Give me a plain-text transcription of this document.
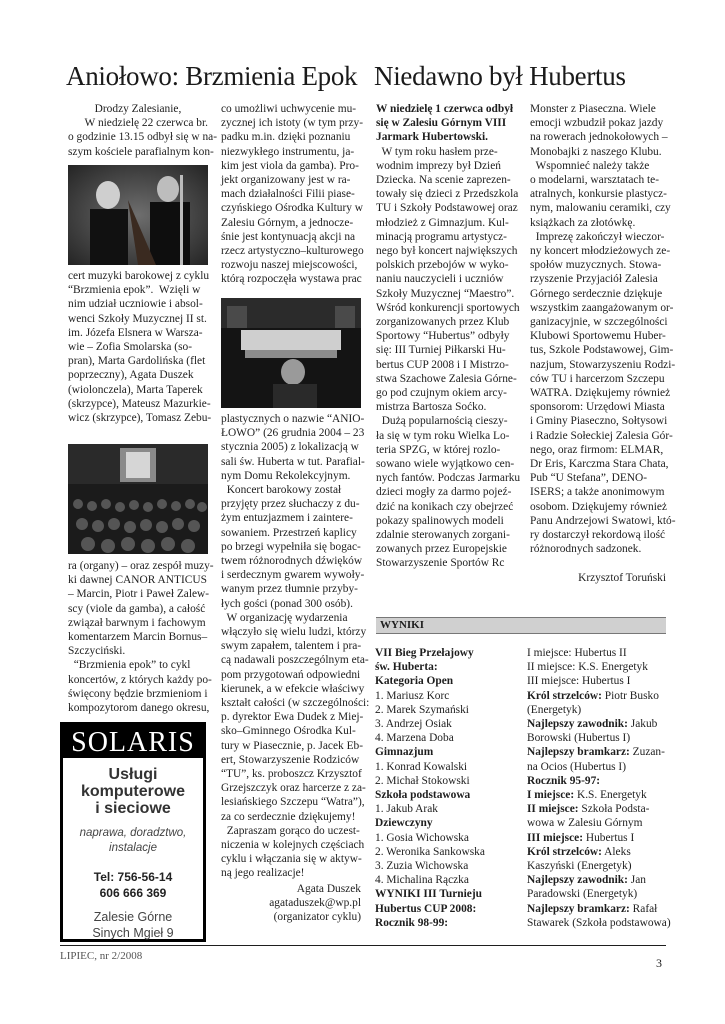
Aniołowo: Brzmienia Epok Niedawno był Hubertus
Drodzy Zalesianie,
W niedzielę 22 czerwca br.
o godzinie 13.15 odbył się w na-
szym kościele parafialnym kon-
cert muzyki barokowej z cyklu
“Brzmienia epok”.  Wzięli w
nim udział uczniowie i absol-
wenci Szkoły Muzycznej II st.
im. Józefa Elsnera w Warsza-
wie – Zofia Smolarska (so-
pran), Marta Gardolińska (flet
poprzeczny), Agata Duszek
(wiolonczela), Marta Taperek
(skrzypce), Mateusz Mazurkie-
wicz (skrzypce), Tomasz Zebu-
ra (organy) – oraz zespół muzy-
ki dawnej CANOR ANTICUS
– Marcin, Piotr i Paweł Zalew-
scy (viole da gamba), a całość
związał barwnym i fachowym
komentarzem Marcin Bornus–
Szczyciński.
“Brzmienia epok” to cykl
koncertów, z których każdy po-
święcony będzie brzmieniom i
kompozytorom danego okresu,
SOLARIS
Usługi
komputerowe
i sieciowe
naprawa, doradztwo,
instalacje
Tel: 756-56-14
606 666 369
Zalesie Górne
Sinych Mgieł 9
co umożliwi uchwycenie mu-
zycznej ich istoty (w tym przy-
padku m.in. dzięki poznaniu
niezwykłego instrumentu, ja-
kim jest viola da gamba). Pro-
jekt organizowany jest w ra-
mach działalności Filii piase-
czyńskiego Ośrodka Kultury w
Zalesiu Górnym, a jednocze-
śnie jest kontynuacją akcji na
rzecz artystyczno–kulturowego
rozwoju naszej miejscowości,
którą rozpoczęła wystawa prac
plastycznych o nazwie “ANIO-
ŁOWO” (26 grudnia 2004 – 23
stycznia 2005) z lokalizacją w
sali św. Huberta w tut. Parafial-
nym Domu Rekolekcyjnym.
Koncert barokowy został
przyjęty przez słuchaczy z du-
żym entuzjazmem i zaintere-
sowaniem. Przestrzeń kaplicy
po brzegi wypełniła się bogac-
twem różnorodnych dźwięków
i serdecznym gwarem wywoły-
wanym przez tłumnie przyby-
łych gości (ponad 300 osób).
W organizację wydarzenia
włączyło się wielu ludzi, którzy
swym zapałem, talentem i pra-
cą nadawali poszczególnym eta-
pom przygotowań odpowiedni
kierunek, a w efekcie właściwy
kształt całości (w szczególności:
p. dyrektor Ewa Dudek z Miej-
sko–Gminnego Ośrodka Kul-
tury w Piasecznie, p. Jacek Eb-
ert, Stowarzyszenie Rodziców
“TU”, ks. proboszcz Krzysztof
Grzejszczyk oraz harcerze z za-
lesiańskiego Szczepu “Watra”),
za co serdecznie dziękujemy!
Zapraszam gorąco do uczest-
niczenia w kolejnych częściach
cyklu i włączania się w aktyw-
ną jego realizacje!
Agata Duszek
agataduszek@wp.pl
(organizator cyklu)
W niedzielę 1 czerwca odbył
się w Zalesiu Górnym VIII
Jarmark Hubertowski.
W tym roku hasłem prze-
wodnim imprezy był Dzień
Dziecka. Na scenie zaprezen-
towały się dzieci z Przedszkola
TU i Szkoły Podstawowej oraz
młodzież z Gimnazjum. Kul-
minacją programu artystycz-
nego był koncert największych
polskich przebojów w wyko-
naniu nauczycieli i uczniów
Szkoły Muzycznej “Maestro”.
Wśród konkurencji sportowych
zorganizowanych przez Klub
Sportowy “Hubertus” odbyły
się: III Turniej Piłkarski Hu-
bertus CUP 2008 i I Mistrzo-
stwa Szachowe Zalesia Górne-
go pod czujnym okiem arcy-
mistrza Bartosza Soćko.
Dużą popularnością cieszy-
ła się w tym roku Wielka Lo-
teria SPZG, w której rozlo-
sowano wiele wyjątkowo cen-
nych fantów. Podczas Jarmarku
dzieci mogły za darmo pojeź-
dzić na konikach czy obejrzeć
pokazy spalinowych modeli
zdalnie sterowanych zorgani-
zowanych przez Europejskie
Stowarzyszenie Sportów Rc
Monster z Piaseczna. Wiele
emocji wzbudził pokaz jazdy
na rowerach jednokołowych –
Monobajki z naszego Klubu.
Wspomnieć należy także
o modelarni, warsztatach te-
atralnych, konkursie plastycz-
nym, malowaniu ceramiki, czy
książkach za złotówkę.
Imprezę zakończył wieczor-
ny koncert młodzieżowych ze-
społów muzycznych. Stowa-
rzyszenie Przyjaciół Zalesia
Górnego serdecznie dziękuje
wszystkim zaangażowanym or-
ganizacyjnie, w szczególności
Klubowi Sportowemu Huber-
tus, Szkole Podstawowej, Gim-
nazjum, Stowarzyszeniu Rodzi-
ców TU i harcerzom Szczepu
WATRA. Dziękujemy również
sponsorom: Urzędowi Miasta
i Gminy Piaseczno, Sołtysowi
i Radzie Sołeckiej Zalesia Gór-
nego, oraz firmom: ELMAR,
Dr Eris, Karczma Stara Chata,
Pub “U Stefana”, DENO-
ISERS; a także anonimowym
osobom. Dziękujemy również
Panu Andrzejowi Swatowi, któ-
ry dostarczył rekordową ilość
różnorodnych sadzonek.
Krzysztof Toruński
WYNIKI
VII Bieg Przełajowy
św. Huberta:
Kategoria Open
1. Mariusz Korc
2. Marek Szymański
3. Andrzej Osiak
4. Marzena Doba
Gimnazjum
1. Konrad Kowalski
2. Michał Stokowski
Szkoła podstawowa
1. Jakub Arak
Dziewczyny
1. Gosia Wichowska
2. Weronika Sankowska
3. Zuzia Wichowska
4. Michalina Rączka
WYNIKI III Turnieju
Hubertus CUP 2008:
Rocznik 98-99:
I miejsce: Hubertus II
II miejsce: K.S. Energetyk
III miejsce: Hubertus I
Król strzelców: Piotr Busko
(Energetyk)
Najlepszy zawodnik: Jakub
Borowski (Hubertus I)
Najlepszy bramkarz: Zuzan-
na Ocios (Hubertus I)
Rocznik 95-97:
I miejsce: K.S. Energetyk
II miejsce: Szkoła Podsta-
wowa w Zalesiu Górnym
III miejsce: Hubertus I
Król strzelców: Aleks
Kaszyński (Energetyk)
Najlepszy zawodnik: Jan
Paradowski (Energetyk)
Najlepszy bramkarz: Rafał
Stawarek (Szkoła podstawowa)
LIPIEC, nr 2/2008	3
